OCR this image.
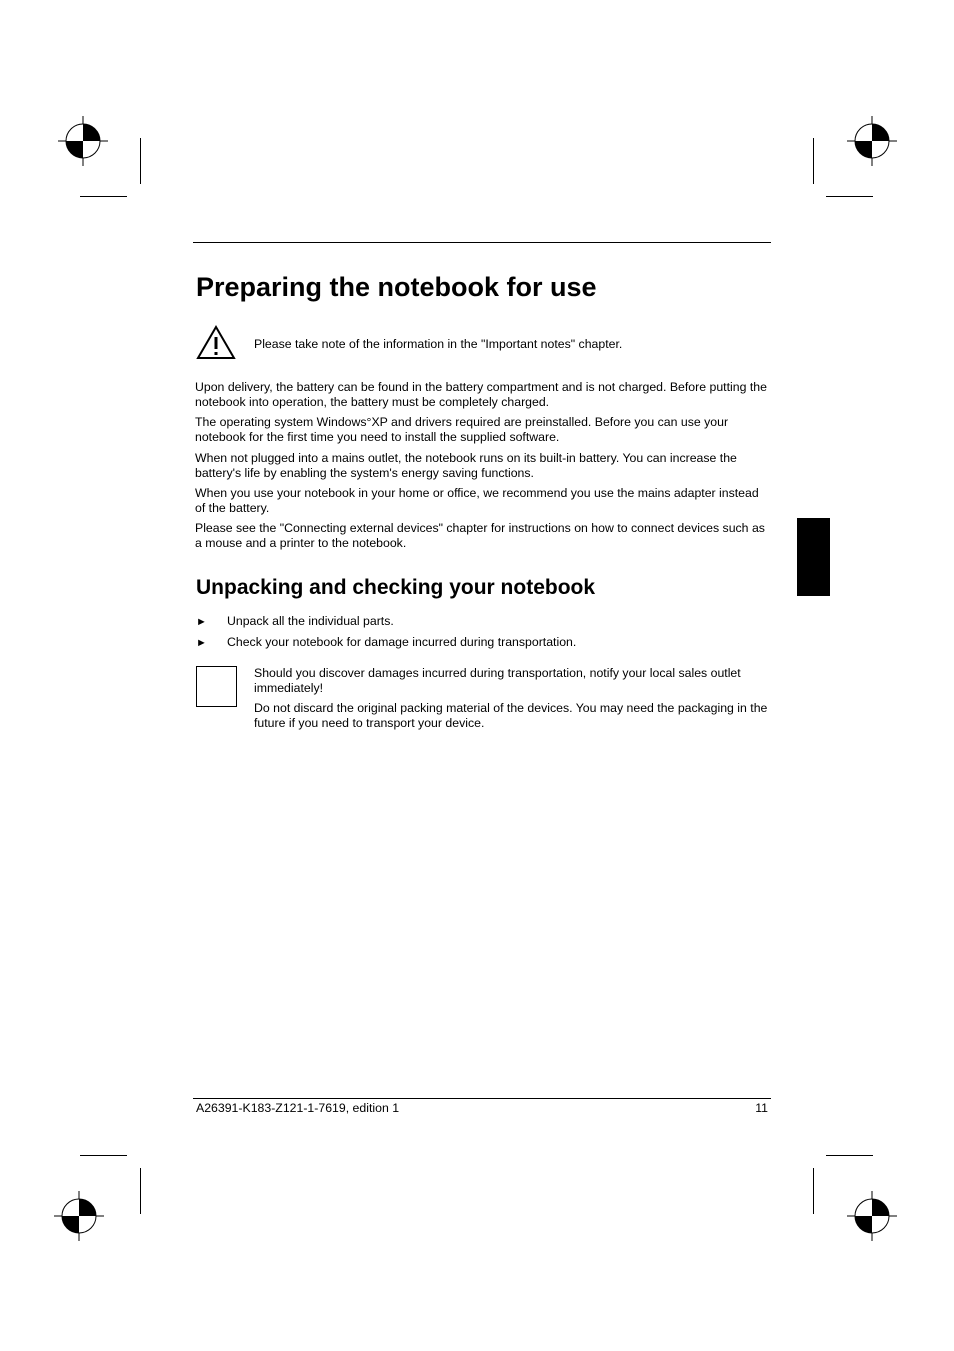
Preparing the notebook for use

Please take note of the information in the "Important notes" chapter.

Upon delivery, the battery can be found in the battery compartment and is not charged. Before putting the notebook into operation, the battery must be completely charged.

The operating system Windows°XP and drivers required are preinstalled. Before you can use your notebook for the first time you need to install the supplied software.

When not plugged into a mains outlet, the notebook runs on its built-in battery. You can increase the battery's life by enabling the system's energy saving functions.

When you use your notebook in your home or office, we recommend you use the mains adapter instead of the battery.

Please see the "Connecting external devices" chapter for instructions on how to connect devices such as a mouse and a printer to the notebook.

Unpacking and checking your notebook
► Unpack all the individual parts.
► Check your notebook for damage incurred during transportation.

Should you discover damages incurred during transportation, notify your local sales outlet immediately!

Do not discard the original packing material of the devices. You may need the packaging in the future if you need to transport your device.

A26391-K183-Z121-1-7619, edition 1	11
